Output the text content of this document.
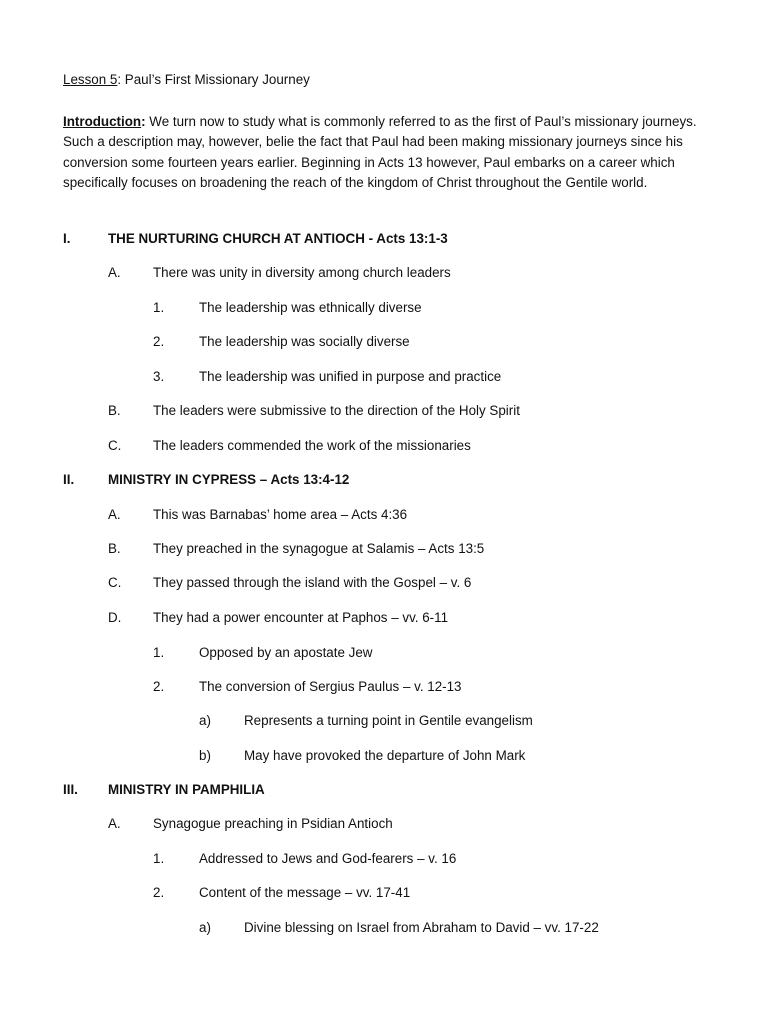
Lesson 5: Paul’s First Missionary Journey

Introduction: We turn now to study what is commonly referred to as the first of Paul’s missionary journeys. Such a description may, however, belie the fact that Paul had been making missionary journeys since his conversion some fourteen years earlier. Beginning in Acts 13 however, Paul embarks on a career which specifically focuses on broadening the reach of the kingdom of Christ throughout the Gentile world.

I.	THE NURTURING CHURCH AT ANTIOCH - Acts 13:1-3
A. There was unity in diversity among church leaders
1.	The leadership was ethnically diverse
2.	The leadership was socially diverse
3.	The leadership was unified in purpose and practice
B. The leaders were submissive to the direction of the Holy Spirit
C. The leaders commended the work of the missionaries
II.	MINISTRY IN CYPRESS – Acts 13:4-12
A. This was Barnabas’ home area – Acts 4:36
B. They preached in the synagogue at Salamis – Acts 13:5
C. They passed through the island with the Gospel – v. 6
D. They had a power encounter at Paphos – vv. 6-11
1.	Opposed by an apostate Jew
2.	The conversion of Sergius Paulus – v. 12-13
a) Represents a turning point in Gentile evangelism
b) May have provoked the departure of John Mark
III. MINISTRY IN PAMPHILIA
A. Synagogue preaching in Psidian Antioch
1.	Addressed to Jews and God-fearers – v. 16
2.	Content of the message – vv. 17-41
a) Divine blessing on Israel from Abraham to David – vv. 17-22
